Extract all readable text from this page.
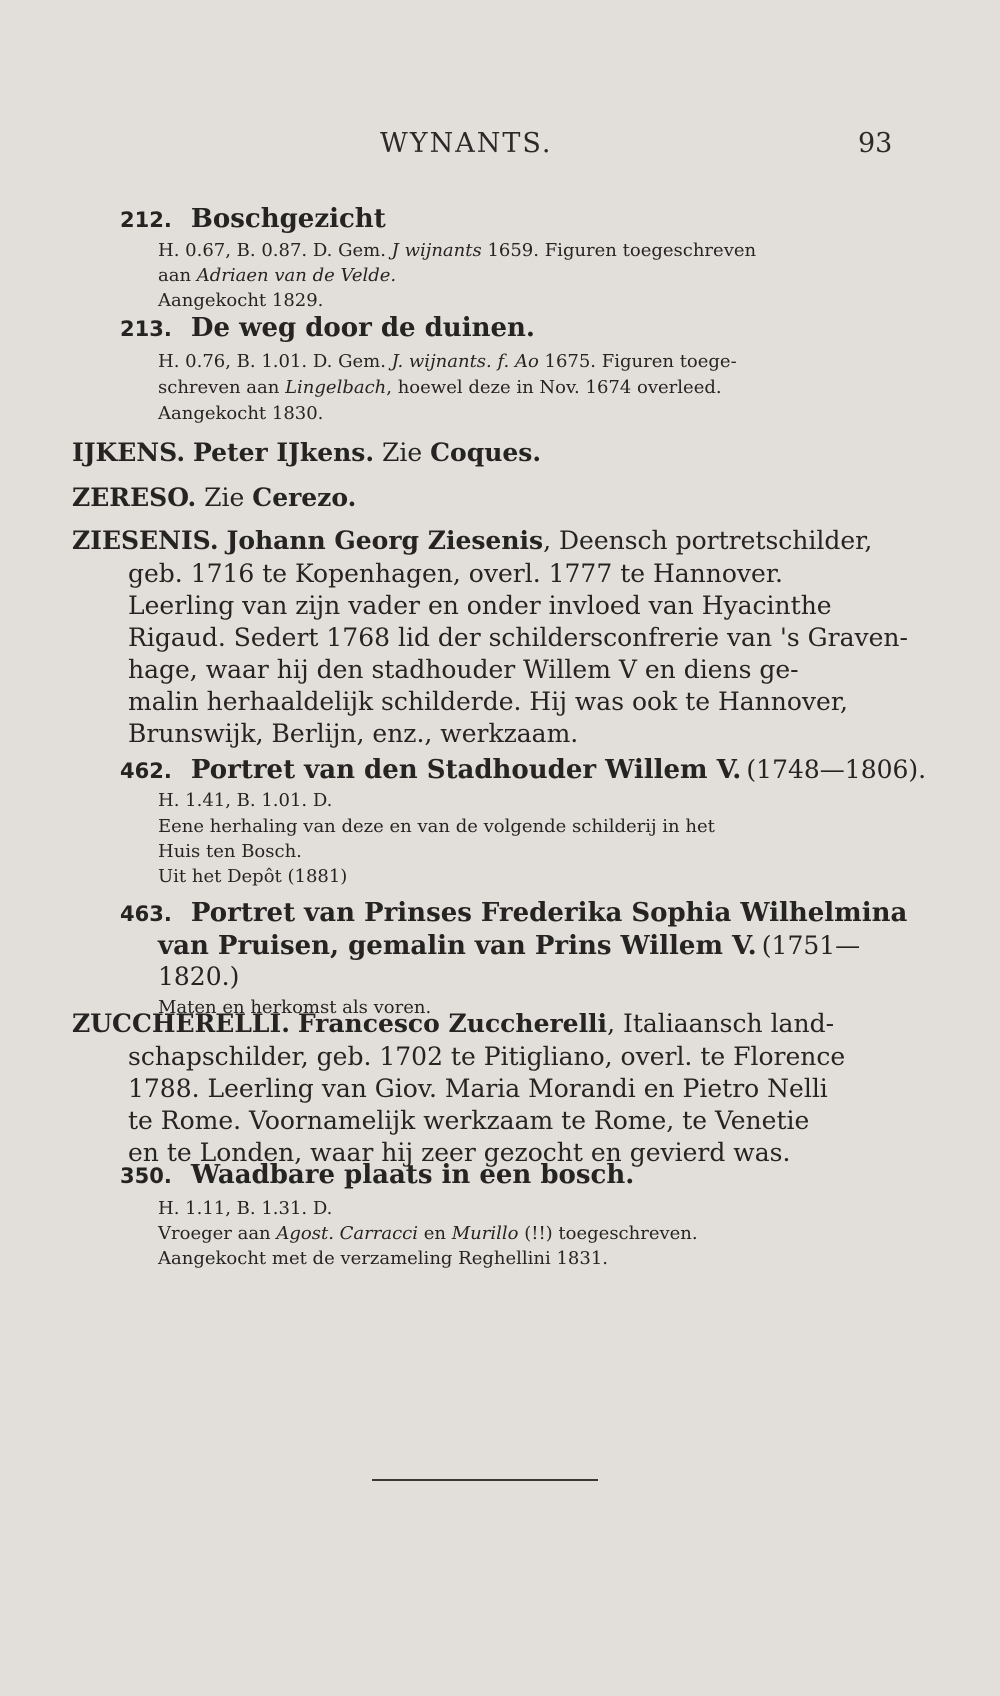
WYNANTS.	93
212. Boschgezicht
H. 0.67, B. 0.87. D. Gem. J wijnants 1659. Figuren toegeschreven
aan Adriaen van de Velde.
Aangekocht 1829.
213. De weg door de duinen.
H. 0.76, B. 1.01. D. Gem. J. wijnants. f. Ao 1675. Figuren toege-
schreven aan Lingelbach, hoewel deze in Nov. 1674 overleed.
Aangekocht 1830.
IJKENS. Peter IJkens. Zie Coques.
ZERESO. Zie Cerezo.
ZIESENIS. Johann Georg Ziesenis, Deensch portretschilder,
geb. 1716 te Kopenhagen, overl. 1777 te Hannover.
Leerling van zijn vader en onder invloed van Hyacinthe
Rigaud. Sedert 1768 lid der schildersconfrerie van 's Graven-
hage, waar hij den stadhouder Willem V en diens ge-
malin herhaaldelijk schilderde. Hij was ook te Hannover,
Brunswijk, Berlijn, enz., werkzaam.
462. Portret van den Stadhouder Willem V. (1748—1806).
H. 1.41, B. 1.01. D.
Eene herhaling van deze en van de volgende schilderij in het
Huis ten Bosch.
Uit het Depôt (1881)
463. Portret van Prinses Frederika Sophia Wilhelmina
van Pruisen, gemalin van Prins Willem V. (1751—
1820.)
Maten en herkomst als voren.
ZUCCHERELLI. Francesco Zuccherelli, Italiaansch land-
schapschilder, geb. 1702 te Pitigliano, overl. te Florence
1788. Leerling van Giov. Maria Morandi en Pietro Nelli
te Rome. Voornamelijk werkzaam te Rome, te Venetie
en te Londen, waar hij zeer gezocht en gevierd was.
350. Waadbare plaats in een bosch.
H. 1.11, B. 1.31. D.
Vroeger aan Agost. Carracci en Murillo (!!) toegeschreven.
Aangekocht met de verzameling Reghellini 1831.
